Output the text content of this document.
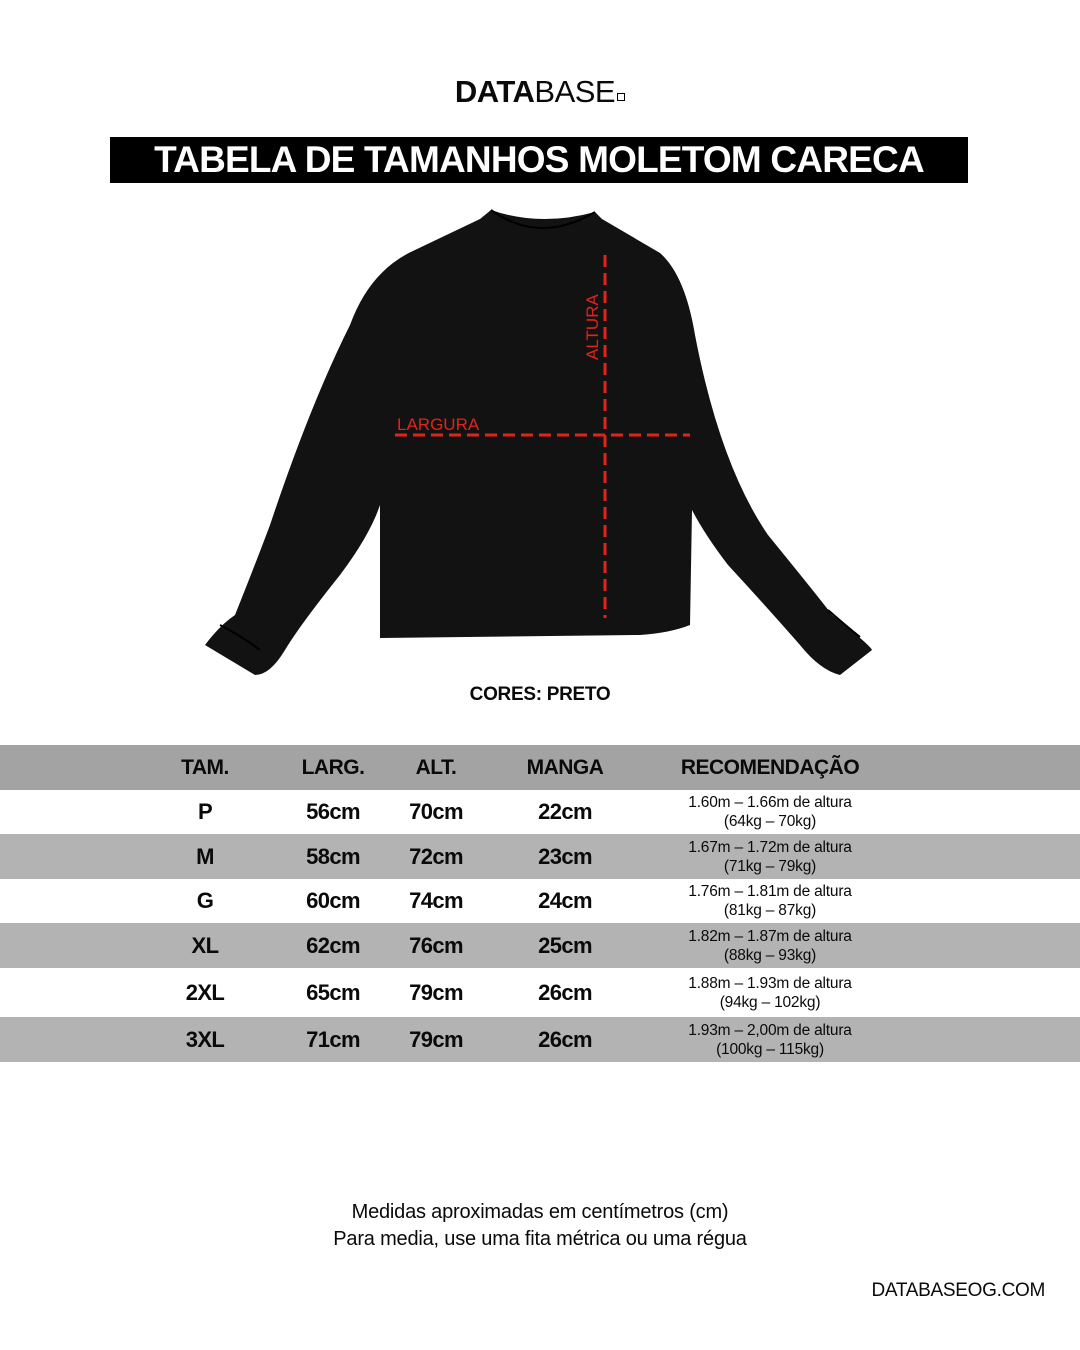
DATABASE
TABELA DE TAMANHOS MOLETOM CARECA
LARGURA
ALTURA
CORES: PRETO
TAM.	LARG.	ALT.	MANGA	RECOMENDAÇÃO
P	56cm	70cm	22cm	1.60m – 1.66m de altura
(64kg – 70kg)
M	58cm	72cm	23cm	1.67m – 1.72m de altura
(71kg – 79kg)
G	60cm	74cm	24cm	1.76m – 1.81m de altura
(81kg – 87kg)
XL	62cm	76cm	25cm	1.82m – 1.87m de altura
(88kg – 93kg)
2XL	65cm	79cm	26cm	1.88m – 1.93m de altura
(94kg – 102kg)
3XL	71cm	79cm	26cm	1.93m – 2,00m de altura
(100kg – 115kg)
Medidas aproximadas em centímetros (cm)
Para media, use uma fita métrica ou uma régua
DATABASEOG.COM
